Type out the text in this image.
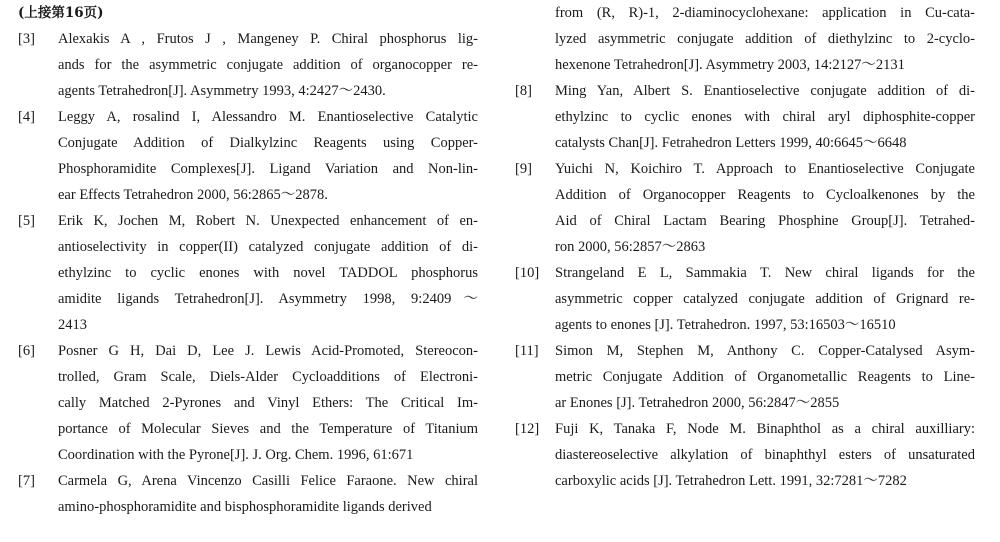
(上接第16页)
[3]	Alexakis A , Frutos J , Mangeney P. Chiral phosphorus lig-
ands for the asymmetric conjugate addition of organocopper re-
agents Tetrahedron[J]. Asymmetry 1993, 4:2427～2430.
[4]	Leggy A, rosalind I, Alessandro M. Enantioselective Catalytic
Conjugate Addition of Dialkylzinc Reagents using Copper-
Phosphoramidite Complexes[J]. Ligand Variation and Non-lin-
ear Effects Tetrahedron 2000, 56:2865～2878.
[5]	Erik K, Jochen M, Robert N. Unexpected enhancement of en-
antioselectivity in copper(II) catalyzed conjugate addition of di-
ethylzinc to cyclic enones with novel TADDOL phosphorus
amidite ligands Tetrahedron[J]. Asymmetry 1998, 9:2409～
2413
[6]	Posner G H, Dai D, Lee J. Lewis Acid-Promoted, Stereocon-
trolled, Gram Scale, Diels-Alder Cycloadditions of Electroni-
cally Matched 2-Pyrones and Vinyl Ethers: The Critical Im-
portance of Molecular Sieves and the Temperature of Titanium
Coordination with the Pyrone[J]. J. Org. Chem. 1996, 61:671
[7]	Carmela G, Arena Vincenzo Casilli Felice Faraone. New chiral
amino-phosphoramidite and bisphosphoramidite ligands derived
from (R, R)-1, 2-diaminocyclohexane: application in Cu-cata-
lyzed asymmetric conjugate addition of diethylzinc to 2-cyclo-
hexenone Tetrahedron[J]. Asymmetry 2003, 14:2127～2131
[8]	Ming Yan, Albert S. Enantioselective conjugate addition of di-
ethylzinc to cyclic enones with chiral aryl diphosphite-copper
catalysts Chan[J]. Fetrahedron Letters 1999, 40:6645～6648
[9]	Yuichi N, Koichiro T. Approach to Enantioselective Conjugate
Addition of Organocopper Reagents to Cycloalkenones by the
Aid of Chiral Lactam Bearing Phosphine Group[J]. Tetrahed-
ron 2000, 56:2857～2863
[10]	Strangeland E L, Sammakia T. New chiral ligands for the
asymmetric copper catalyzed conjugate addition of Grignard re-
agents to enones [J]. Tetrahedron. 1997, 53:16503～16510
[11]	Simon M, Stephen M, Anthony C. Copper-Catalysed Asym-
metric Conjugate Addition of Organometallic Reagents to Line-
ar Enones [J]. Tetrahedron 2000, 56:2847～2855
[12]	Fuji K, Tanaka F, Node M. Binaphthol as a chiral auxilliary:
diastereoselective alkylation of binaphthyl esters of unsaturated
carboxylic acids [J]. Tetrahedron Lett. 1991, 32:7281～7282
